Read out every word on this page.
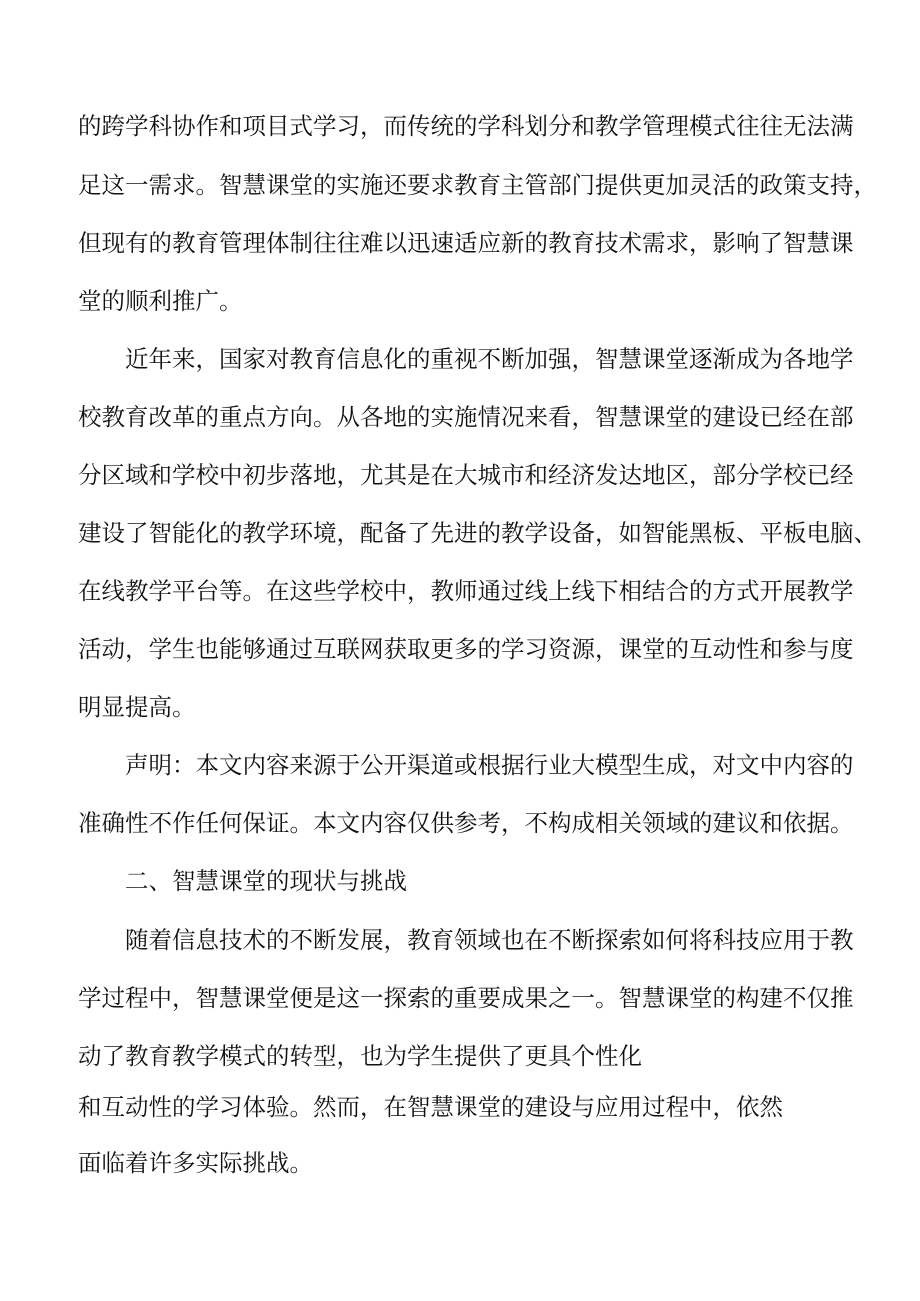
的跨学科协作和项目式学习，而传统的学科划分和教学管理模式往往无法满

足这一需求。智慧课堂的实施还要求教育主管部门提供更加灵活的政策支持，

但现有的教育管理体制往往难以迅速适应新的教育技术需求，影响了智慧课

堂的顺利推广。

近年来，国家对教育信息化的重视不断加强，智慧课堂逐渐成为各地学

校教育改革的重点方向。从各地的实施情况来看，智慧课堂的建设已经在部

分区域和学校中初步落地，尤其是在大城市和经济发达地区，部分学校已经

建设了智能化的教学环境，配备了先进的教学设备，如智能黑板、平板电脑、

在线教学平台等。在这些学校中，教师通过线上线下相结合的方式开展教学

活动，学生也能够通过互联网获取更多的学习资源，课堂的互动性和参与度

明显提高。

声明：本文内容来源于公开渠道或根据行业大模型生成，对文中内容的

准确性不作任何保证。本文内容仅供参考，不构成相关领域的建议和依据。

二、智慧课堂的现状与挑战

随着信息技术的不断发展，教育领域也在不断探索如何将科技应用于教

学过程中，智慧课堂便是这一探索的重要成果之一。智慧课堂的构建不仅推

动了教育教学模式的转型，也为学生提供了更具个性化

和互动性的学习体验。然而，在智慧课堂的建设与应用过程中，依然

面临着许多实际挑战。
